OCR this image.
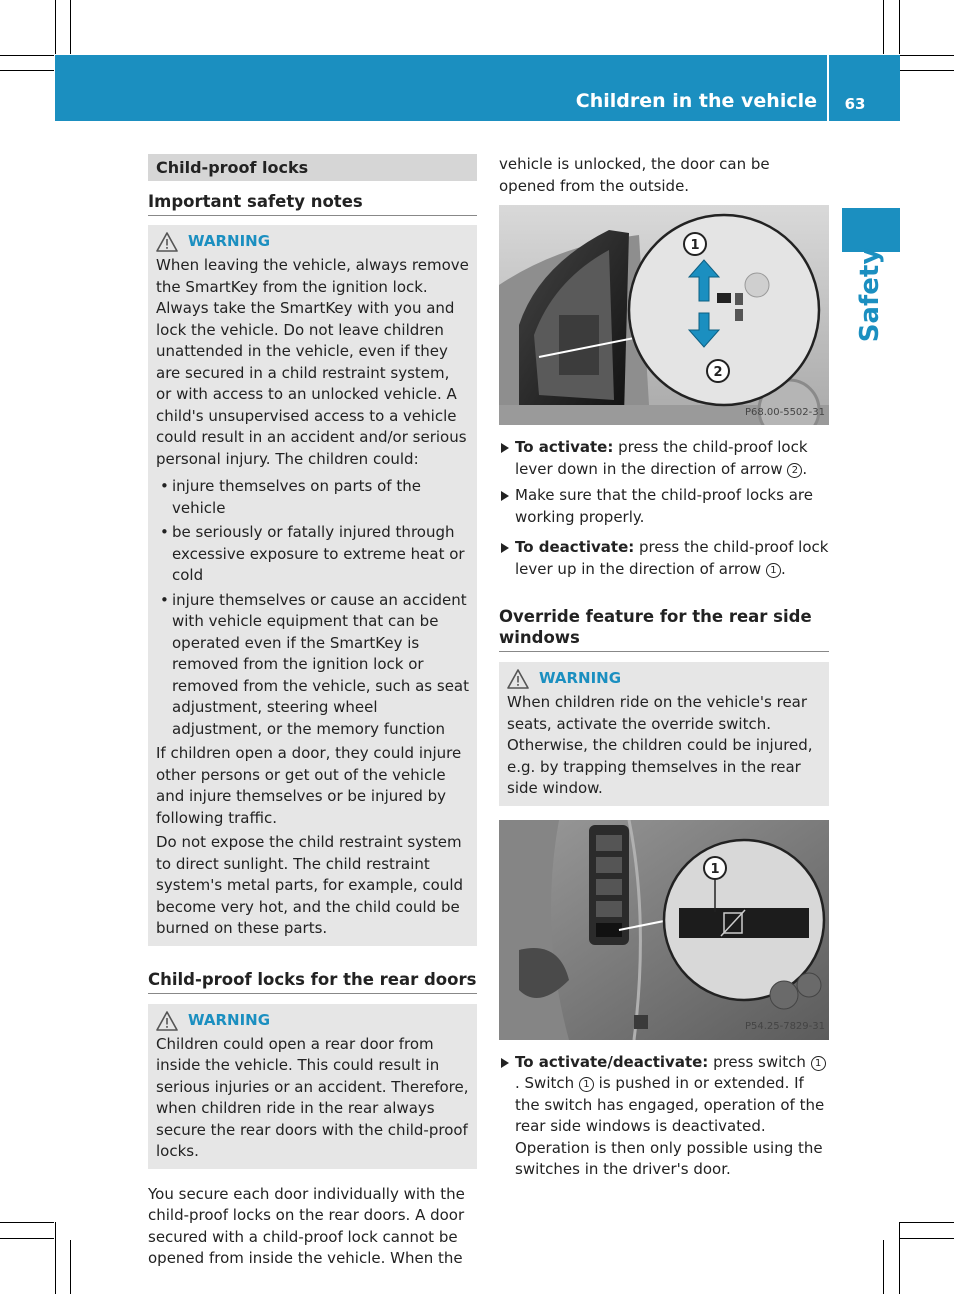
Children in the vehicle	63
Safety
Child-proof locks
Important safety notes
WARNING
When leaving the vehicle, always remove the SmartKey from the ignition lock. Always take the SmartKey with you and lock the vehicle. Do not leave children unattended in the vehicle, even if they are secured in a child restraint system, or with access to an unlocked vehicle. A child's unsupervised access to a vehicle could result in an accident and/or serious personal injury. The children could:
• injure themselves on parts of the vehicle
• be seriously or fatally injured through excessive exposure to extreme heat or cold
• injure themselves or cause an accident with vehicle equipment that can be operated even if the SmartKey is removed from the ignition lock or removed from the vehicle, such as seat adjustment, steering wheel adjustment, or the memory function
If children open a door, they could injure other persons or get out of the vehicle and injure themselves or be injured by following traffic.
Do not expose the child restraint system to direct sunlight. The child restraint system's metal parts, for example, could become very hot, and the child could be burned on these parts.
Child-proof locks for the rear doors
WARNING
Children could open a rear door from inside the vehicle. This could result in serious injuries or an accident. Therefore, when children ride in the rear always secure the rear doors with the child-proof locks.
You secure each door individually with the child-proof locks on the rear doors. A door secured with a child-proof lock cannot be opened from inside the vehicle. When the
vehicle is unlocked, the door can be opened from the outside.
1
2
P68.00-5502-31
To activate: press the child-proof lock lever down in the direction of arrow 2 .
Make sure that the child-proof locks are working properly.
To deactivate: press the child-proof lock lever up in the direction of arrow 1 .
Override feature for the rear side windows
WARNING
When children ride on the vehicle's rear seats, activate the override switch. Otherwise, the children could be injured, e.g. by trapping themselves in the rear side window.
1
P54.25-7829-31
To activate/deactivate: press switch 1. Switch 1 is pushed in or extended. If the switch has engaged, operation of the rear side windows is deactivated. Operation is then only possible using the switches in the driver's door.
